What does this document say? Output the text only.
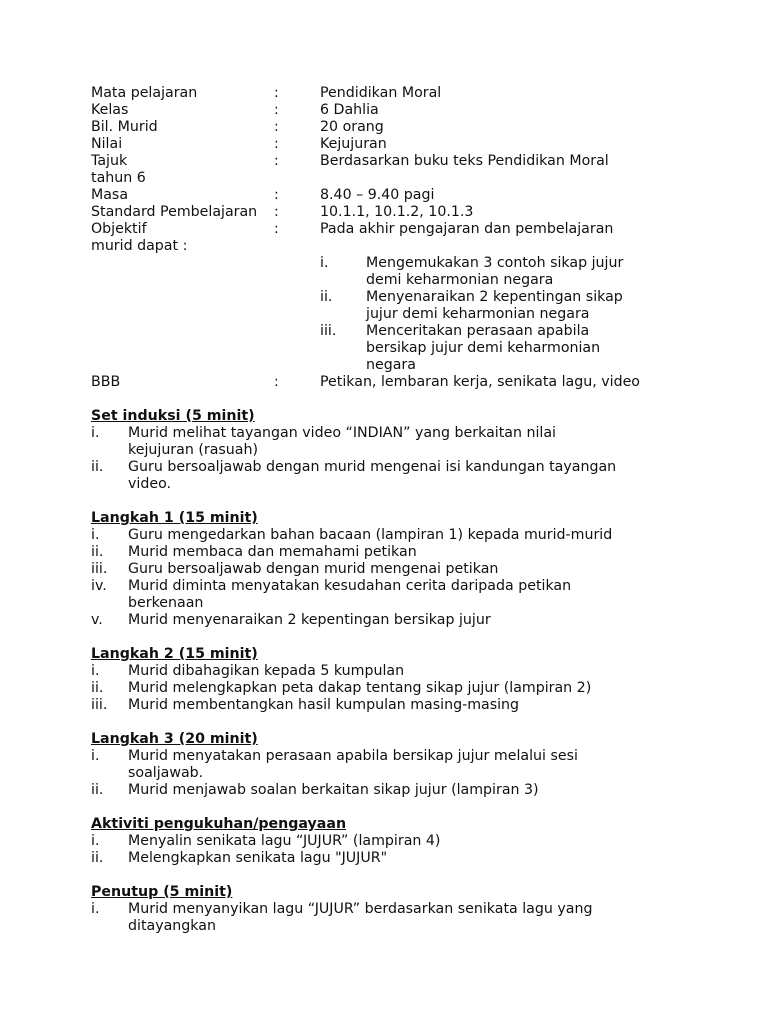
Mata pelajaran	:	Pendidikan Moral
Kelas	:	6 Dahlia
Bil. Murid	:	20 orang
Nilai	:	Kejujuran
Tajuk	:	Berdasarkan buku teks Pendidikan Moral
tahun 6
Masa	:	8.40 – 9.40 pagi
Standard Pembelajaran :	10.1.1, 10.1.2, 10.1.3
Objektif	:	Pada akhir pengajaran dan pembelajaran
murid dapat :
i.	Mengemukakan 3 contoh sikap jujur
demi keharmonian negara
ii. Menyenaraikan 2 kepentingan sikap
jujur demi keharmonian negara
iii. Menceritakan perasaan apabila
bersikap jujur demi keharmonian
negara
BBB	:	Petikan, lembaran kerja, senikata lagu, video
Set induksi (5 minit)
i. Murid melihat tayangan video “INDIAN” yang berkaitan nilai
kejujuran (rasuah)
ii. Guru bersoaljawab dengan murid mengenai isi kandungan tayangan
video.
Langkah 1 (15 minit)
i. Guru mengedarkan bahan bacaan (lampiran 1) kepada murid-murid
ii. Murid membaca dan memahami petikan
iii. Guru bersoaljawab dengan murid mengenai petikan
iv. Murid diminta menyatakan kesudahan cerita daripada petikan
berkenaan
v. Murid menyenaraikan 2 kepentingan bersikap jujur
Langkah 2 (15 minit)
i. Murid dibahagikan kepada 5 kumpulan
ii. Murid melengkapkan peta dakap tentang sikap jujur (lampiran 2)
iii. Murid membentangkan hasil kumpulan masing-masing
Langkah 3 (20 minit)
i. Murid menyatakan perasaan apabila bersikap jujur melalui sesi
soaljawab.
ii. Murid menjawab soalan berkaitan sikap jujur (lampiran 3)
Aktiviti pengukuhan/pengayaan
i. Menyalin senikata lagu “JUJUR” (lampiran 4)
ii. Melengkapkan senikata lagu "JUJUR"
Penutup (5 minit)
i. Murid menyanyikan lagu “JUJUR” berdasarkan senikata lagu yang
ditayangkan
